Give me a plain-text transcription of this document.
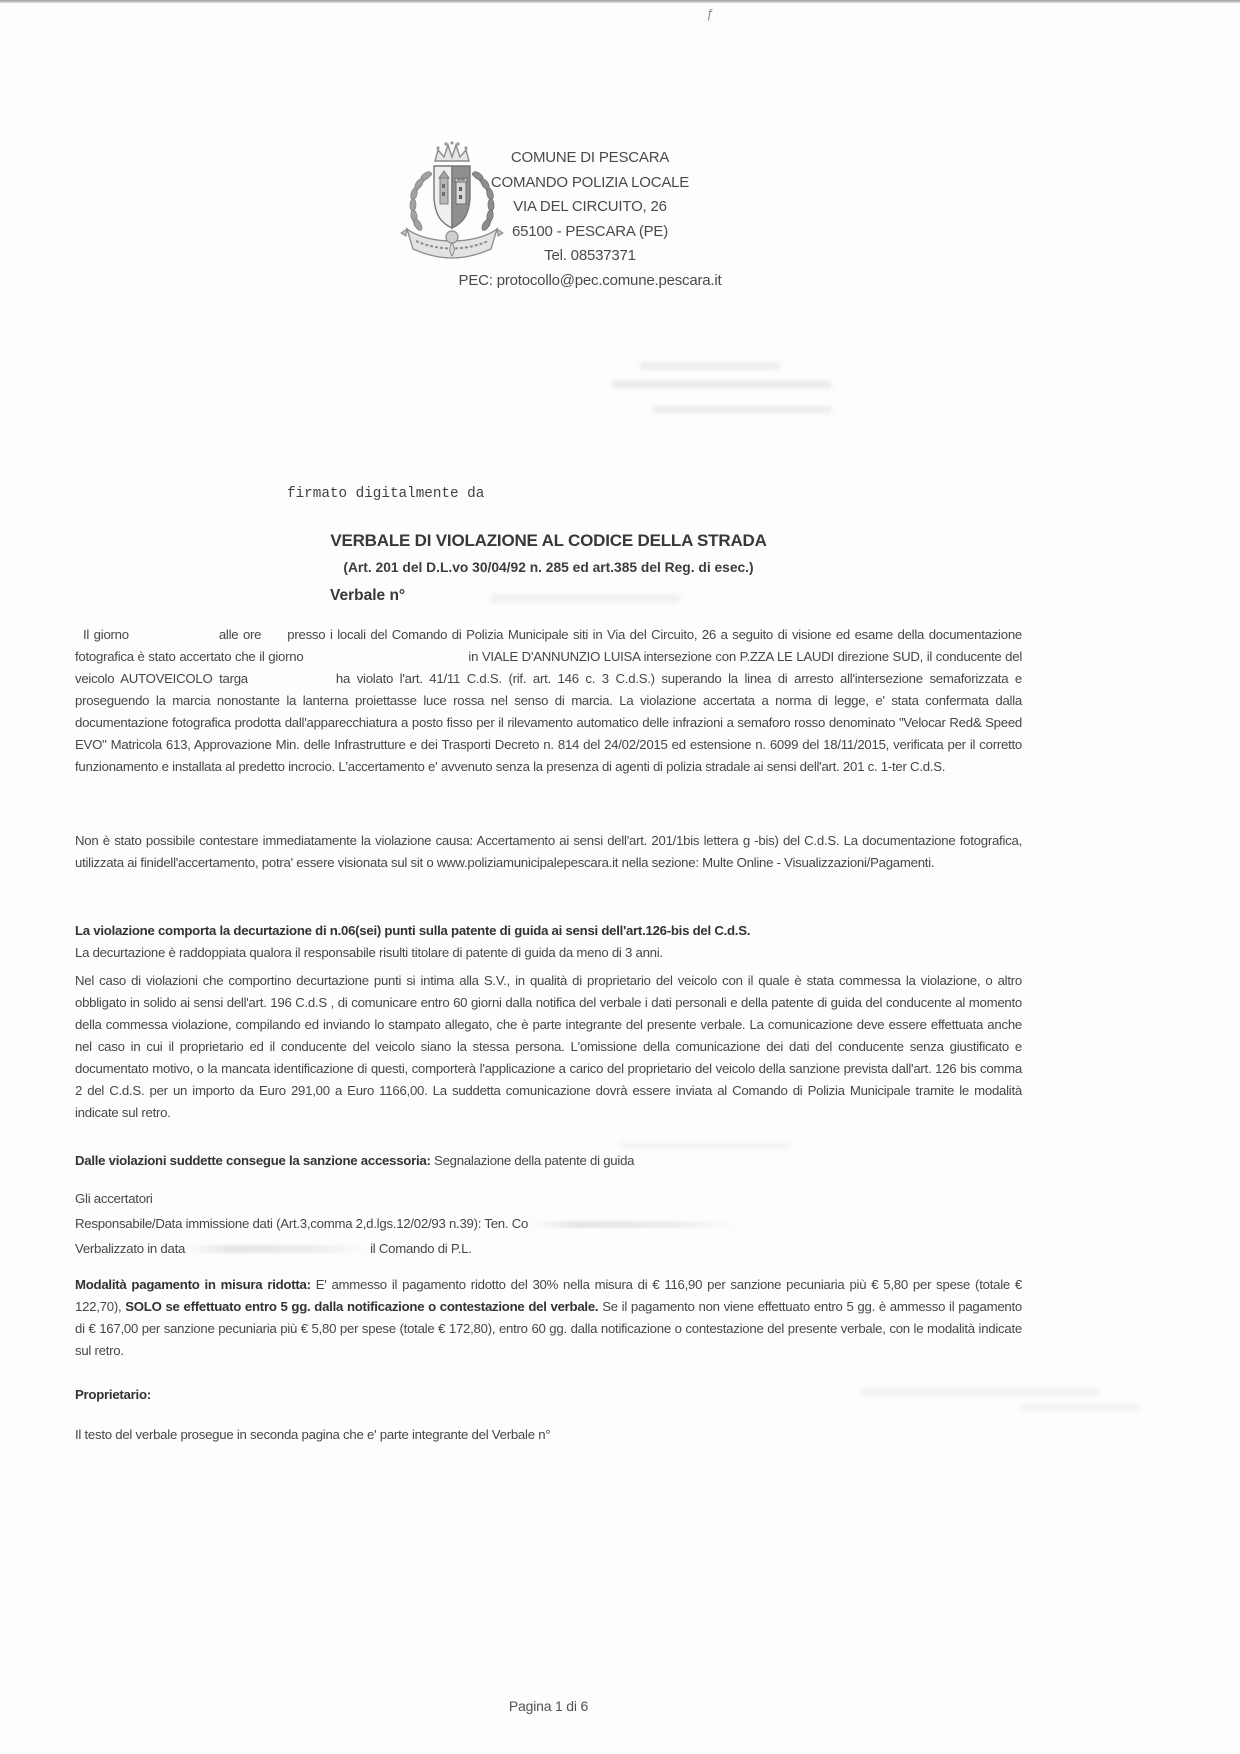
ƒ
COMUNE DI PESCARA
COMANDO POLIZIA LOCALE
VIA DEL CIRCUITO, 26
65100 - PESCARA (PE)
Tel. 08537371
PEC: protocollo@pec.comune.pescara.it
firmato digitalmente da
VERBALE DI VIOLAZIONE AL CODICE DELLA STRADA
(Art. 201 del D.L.vo 30/04/92 n. 285 ed art.385 del Reg. di esec.)
Verbale n°

Il giorno	alle ore presso i locali del Comando di Polizia Municipale siti in Via del Circuito, 26 a seguito di visione ed esame della documentazione fotografica è stato accertato che il giorno	in VIALE D'ANNUNZIO LUISA intersezione con P.ZZA LE LAUDI direzione SUD, il conducente del veicolo AUTOVEICOLO targa	ha violato l'art. 41/11 C.d.S. (rif. art. 146 c. 3 C.d.S.) superando la linea di arresto all'intersezione semaforizzata e proseguendo la marcia nonostante la lanterna proiettasse luce rossa nel senso di marcia. La violazione accertata a norma di legge, e' stata confermata dalla documentazione fotografica prodotta dall'apparecchiatura a posto fisso per il rilevamento automatico delle infrazioni a semaforo rosso denominato "Velocar Red& Speed EVO" Matricola 613, Approvazione Min. delle Infrastrutture e dei Trasporti Decreto n. 814 del 24/02/2015 ed estensione n. 6099 del 18/11/2015, verificata per il corretto funzionamento e installata al predetto incrocio. L'accertamento e' avvenuto senza la presenza di agenti di polizia stradale ai sensi dell'art. 201 c. 1-ter C.d.S.

Non è stato possibile contestare immediatamente la violazione causa: Accertamento ai sensi dell'art. 201/1bis lettera g -bis) del C.d.S. La documentazione fotografica, utilizzata ai finidell'accertamento, potra' essere visionata sul sit o www.poliziamunicipalepescara.it nella sezione: Multe Online - Visualizzazioni/Pagamenti.

La violazione comporta la decurtazione di n.06(sei) punti sulla patente di guida ai sensi dell'art.126-bis del C.d.S.
La decurtazione è raddoppiata qualora il responsabile risulti titolare di patente di guida da meno di 3 anni.

Nel caso di violazioni che comportino decurtazione punti si intima alla S.V., in qualità di proprietario del veicolo con il quale è stata commessa la violazione, o altro obbligato in solido ai sensi dell'art. 196 C.d.S , di comunicare entro 60 giorni dalla notifica del verbale i dati personali e della patente di guida del conducente al momento della commessa violazione, compilando ed inviando lo stampato allegato, che è parte integrante del presente verbale. La comunicazione deve essere effettuata anche nel caso in cui il proprietario ed il conducente del veicolo siano la stessa persona. L'omissione della comunicazione dei dati del conducente senza giustificato e documentato motivo, o la mancata identificazione di questi, comporterà l'applicazione a carico del proprietario del veicolo della sanzione prevista dall'art. 126 bis comma 2 del C.d.S. per un importo da Euro 291,00 a Euro 1166,00. La suddetta comunicazione dovrà essere inviata al Comando di Polizia Municipale tramite le modalità indicate sul retro.

Dalle violazioni suddette consegue la sanzione accessoria: Segnalazione della patente di guida
Gli accertatori
Responsabile/Data immissione dati (Art.3,comma 2,d.lgs.12/02/93 n.39): Ten. Co
Verbalizzato in data	il Comando di P.L.

Modalità pagamento in misura ridotta: E' ammesso il pagamento ridotto del 30% nella misura di € 116,90 per sanzione pecuniaria più € 5,80 per spese (totale € 122,70), SOLO se effettuato entro 5 gg. dalla notificazione o contestazione del verbale. Se il pagamento non viene effettuato entro 5 gg. è ammesso il pagamento di € 167,00 per sanzione pecuniaria più € 5,80 per spese (totale € 172,80), entro 60 gg. dalla notificazione o contestazione del presente verbale, con le modalità indicate sul retro.

Proprietario:
Il testo del verbale prosegue in seconda pagina che e' parte integrante del Verbale n°
Pagina 1 di 6
